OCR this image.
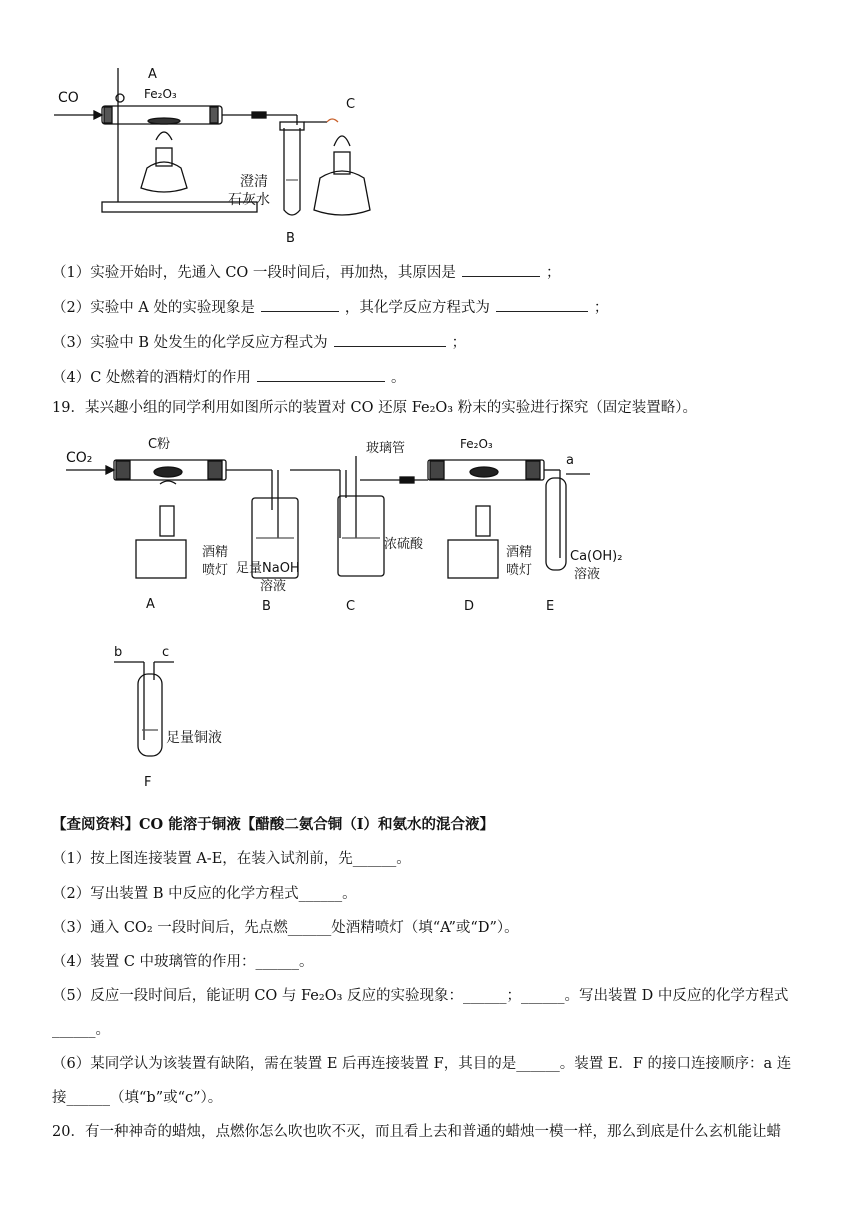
CO
A
Fe₂O₃
澄清
石灰水
B
C
（1）实验开始时，先通入 CO 一段时间后，再加热，其原因是	；
（2）实验中 A 处的实验现象是	，其化学反应方程式为	；
（3）实验中 B 处发生的化学反应方程式为	；
（4）C 处燃着的酒精灯的作用	。
19．某兴趣小组的同学利用如图所示的装置对 CO 还原 Fe₂O₃ 粉末的实验进行探究（固定装置略）。
CO₂
C粉
酒精
喷灯
A
足量NaOH
溶液
B
玻璃管
浓硫酸
C
Fe₂O₃
酒精
喷灯
D
a
Ca(OH)₂
溶液
E
b	c
足量铜液
F
【查阅资料】CO 能溶于铜液【醋酸二氨合铜（I）和氨水的混合液】
（1）按上图连接装置 A-E，在装入试剂前，先______。
（2）写出装置 B 中反应的化学方程式______。
（3）通入 CO₂ 一段时间后，先点燃______处酒精喷灯（填“A”或“D”）。
（4）装置 C 中玻璃管的作用：______。
（5）反应一段时间后，能证明 CO 与 Fe₂O₃ 反应的实验现象：______；______。写出装置 D 中反应的化学方程式
______。
（6）某同学认为该装置有缺陷，需在装置 E 后再连接装置 F，其目的是______。装置 E．F 的接口连接顺序：a 连
接______（填“b”或“c”）。
20．有一种神奇的蜡烛，点燃你怎么吹也吹不灭，而且看上去和普通的蜡烛一模一样，那么到底是什么玄机能让蜡
